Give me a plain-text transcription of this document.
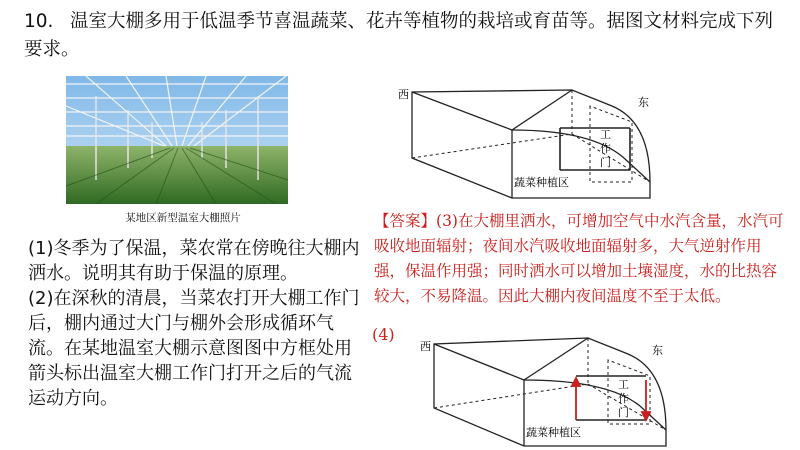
10. 温室大棚多用于低温季节喜温蔬菜、花卉等植物的栽培或育苗等。据图文材料完成下列要求。
某地区新型温室大棚照片

(1)冬季为了保温，菜农常在傍晚往大棚内洒水。说明其有助于保温的原理。

(2)在深秋的清晨，当菜农打开大棚工作门后，棚内通过大门与棚外会形成循环气流。在某地温室大棚示意图图中方框处用箭头标出温室大棚工作门打开之后的气流运动方向。

西
东
工
作
门
蔬菜种植区
【答案】(3)在大棚里洒水，可增加空气中水汽含量，水汽可吸收地面辐射；夜间水汽吸收地面辐射多，大气逆射作用强，保温作用强；同时洒水可以增加土壤湿度，水的比热容较大，不易降温。因此大棚内夜间温度不至于太低。
(4)
西	东
工
作
门
蔬菜种植区
